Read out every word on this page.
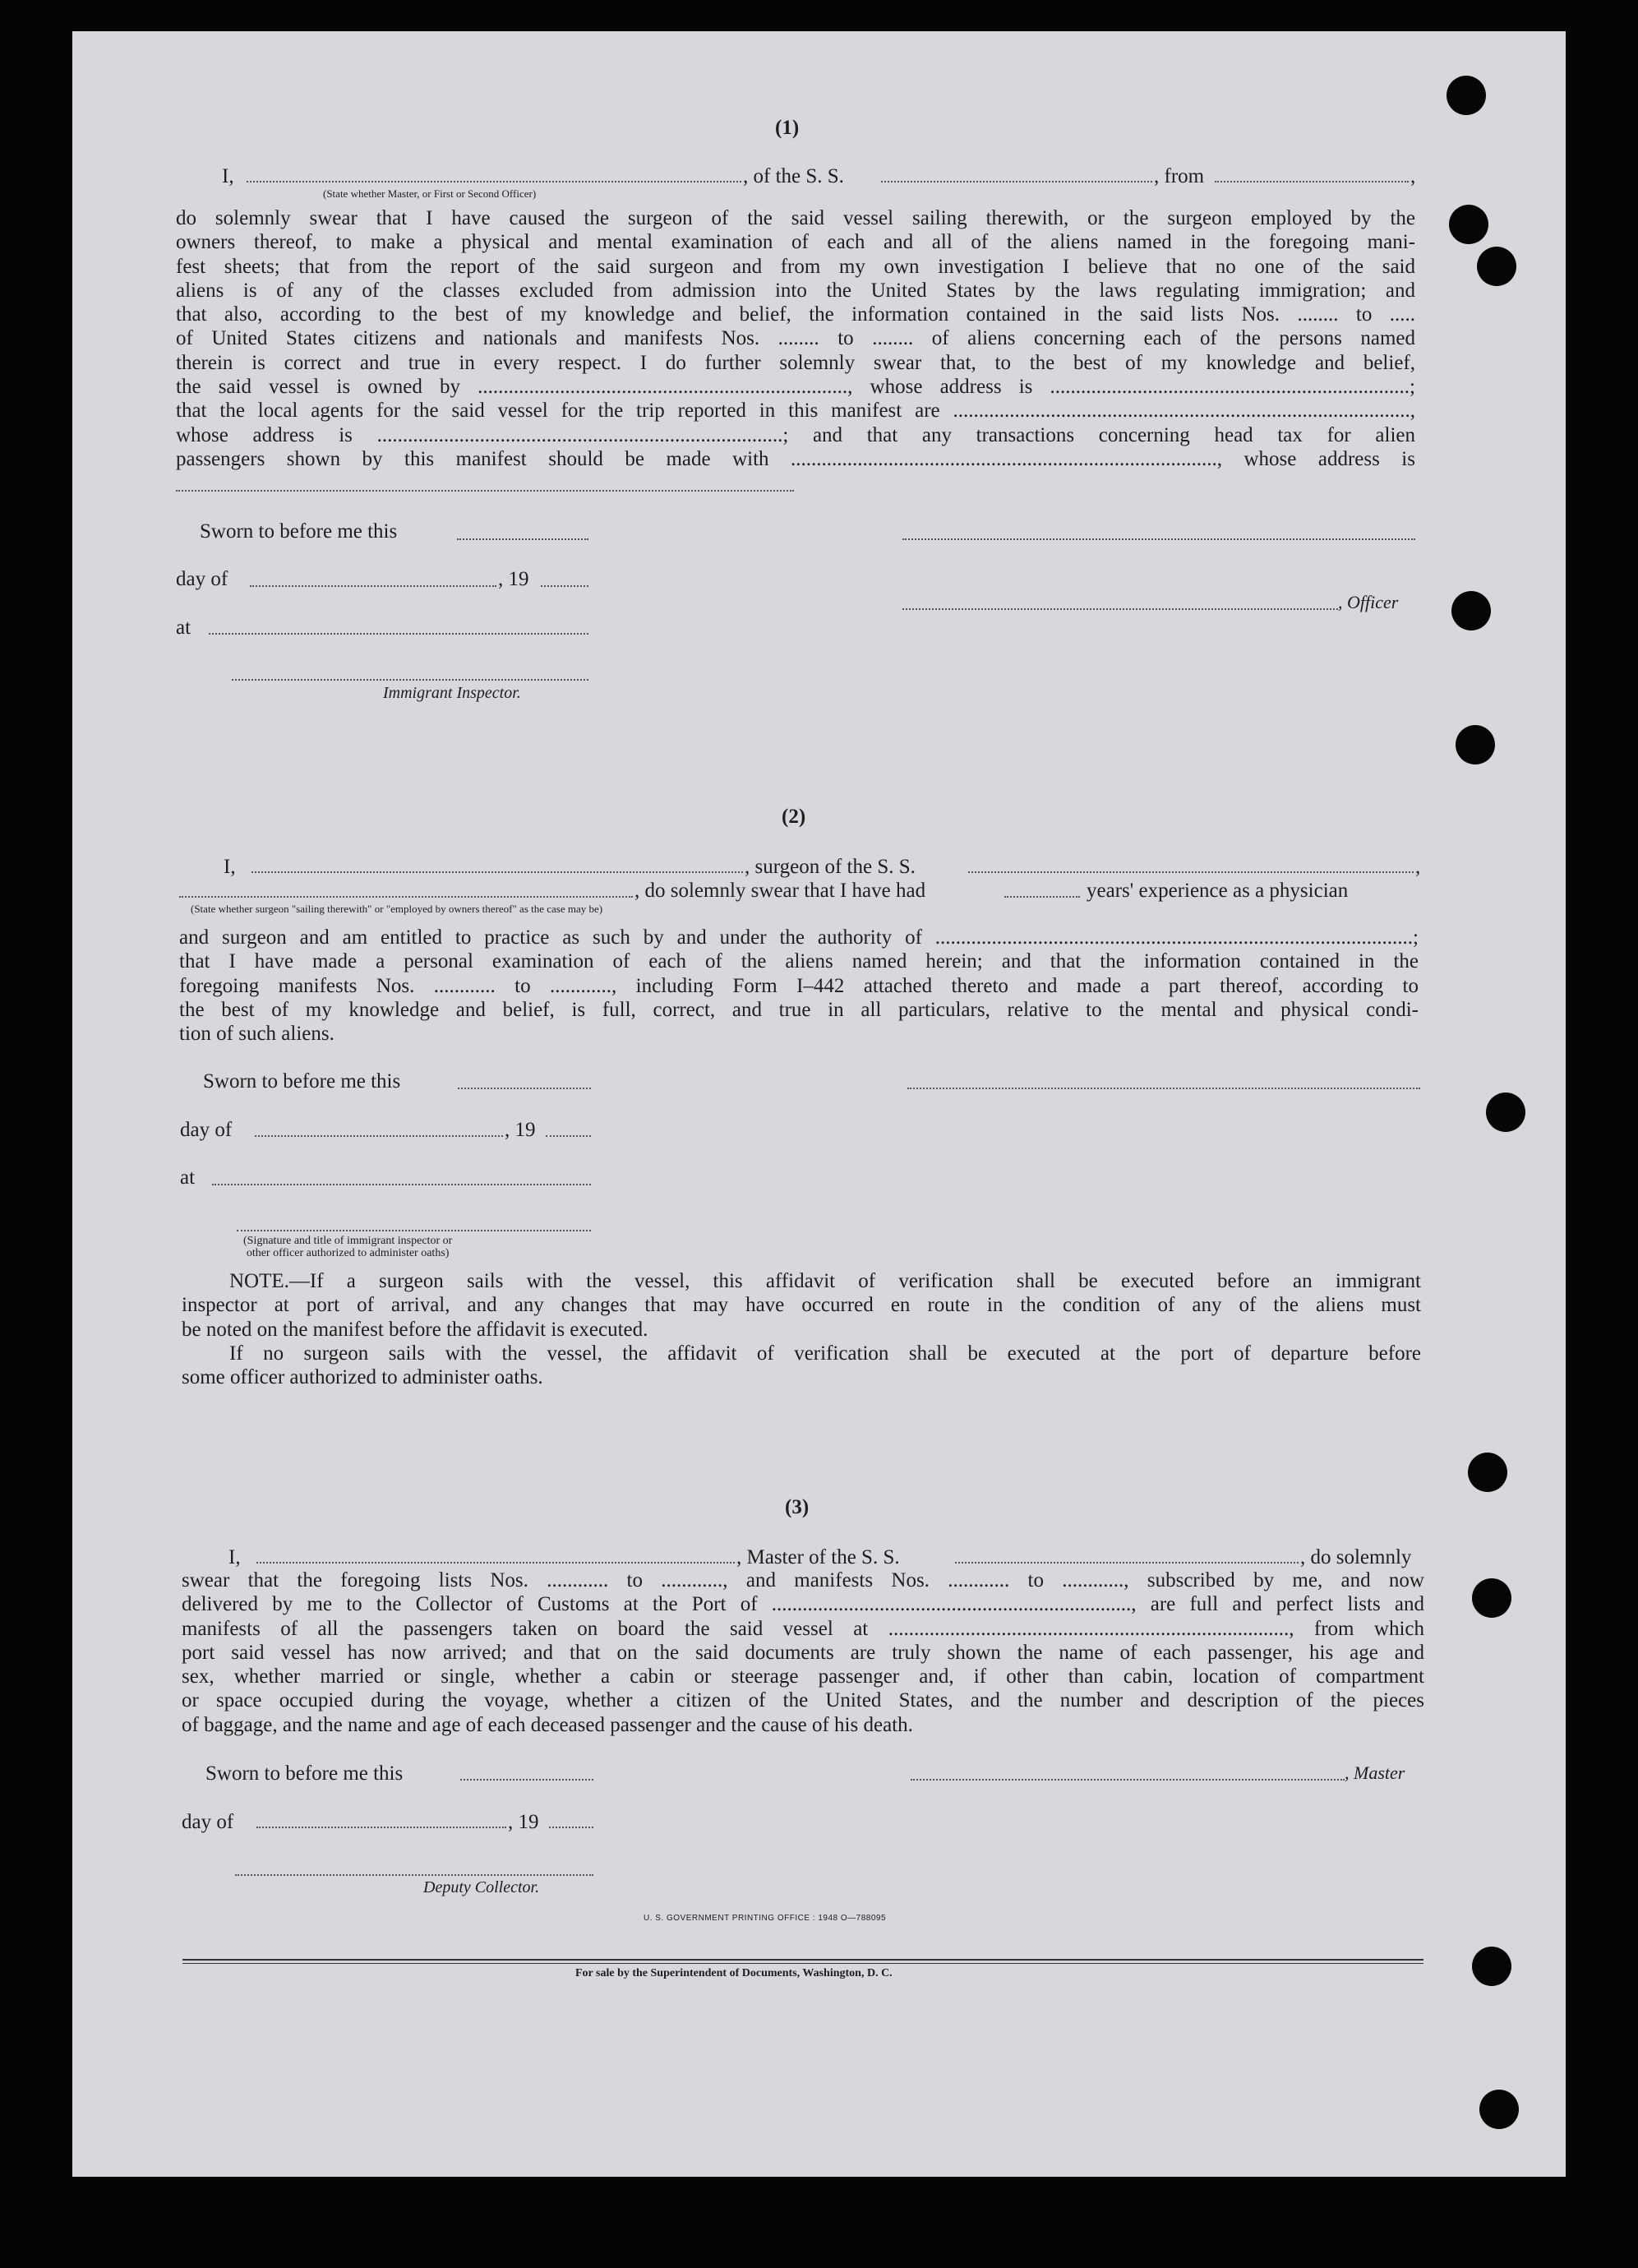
(1)
I,	, of the S. S.	, from	,
(State whether Master, or First or Second Officer)
do solemnly swear that I have caused the surgeon of the said vessel sailing therewith, or the surgeon employed by the
owners thereof, to make a physical and mental examination of each and all of the aliens named in the foregoing mani-
fest sheets; that from the report of the said surgeon and from my own investigation I believe that no one of the said
aliens is of any of the classes excluded from admission into the United States by the laws regulating immigration; and
that also, according to the best of my knowledge and belief, the information contained in the said lists Nos. ........ to .....
of United States citizens and nationals and manifests Nos. ........ to ........ of aliens concerning each of the persons named
therein is correct and true in every respect. I do further solemnly swear that, to the best of my knowledge and belief,
the said vessel is owned by ........................................................................, whose address is ......................................................................;
that the local agents for the said vessel for the trip reported in this manifest are .........................................................................................,
whose address is ...............................................................................; and that any transactions concerning head tax for alien
passengers shown by this manifest should be made with ..................................................................................., whose address is
Sworn to before me this
day of	, 19
, Officer
at
Immigrant Inspector.
(2)
I,	, surgeon of the S. S.	,
, do solemnly swear that I have had	years' experience as a physician
(State whether surgeon "sailing therewith" or "employed by owners thereof" as the case may be)
and surgeon and am entitled to practice as such by and under the authority of .............................................................................................;
that I have made a personal examination of each of the aliens named herein; and that the information contained in the
foregoing manifests Nos. ............ to ............, including Form I–442 attached thereto and made a part thereof, according to
the best of my knowledge and belief, is full, correct, and true in all particulars, relative to the mental and physical condi-
tion of such aliens.
Sworn to before me this
day of	, 19
at
(Signature and title of immigrant inspector or
other officer authorized to administer oaths)
NOTE.—If a surgeon sails with the vessel, this affidavit of verification shall be executed before an immigrant
inspector at port of arrival, and any changes that may have occurred en route in the condition of any of the aliens must
be noted on the manifest before the affidavit is executed.
If no surgeon sails with the vessel, the affidavit of verification shall be executed at the port of departure before
some officer authorized to administer oaths.
(3)
I,	, Master of the S. S.	, do solemnly
swear that the foregoing lists Nos. ............ to ............, and manifests Nos. ............ to ............, subscribed by me, and now
delivered by me to the Collector of Customs at the Port of ......................................................................, are full and perfect lists and
manifests of all the passengers taken on board the said vessel at .............................................................................., from which
port said vessel has now arrived; and that on the said documents are truly shown the name of each passenger, his age and
sex, whether married or single, whether a cabin or steerage passenger and, if other than cabin, location of compartment
or space occupied during the voyage, whether a citizen of the United States, and the number and description of the pieces
of baggage, and the name and age of each deceased passenger and the cause of his death.
Sworn to before me this	, Master
day of	, 19
Deputy Collector.
U. S. GOVERNMENT PRINTING OFFICE : 1948 O—788095
For sale by the Superintendent of Documents, Washington, D. C.
